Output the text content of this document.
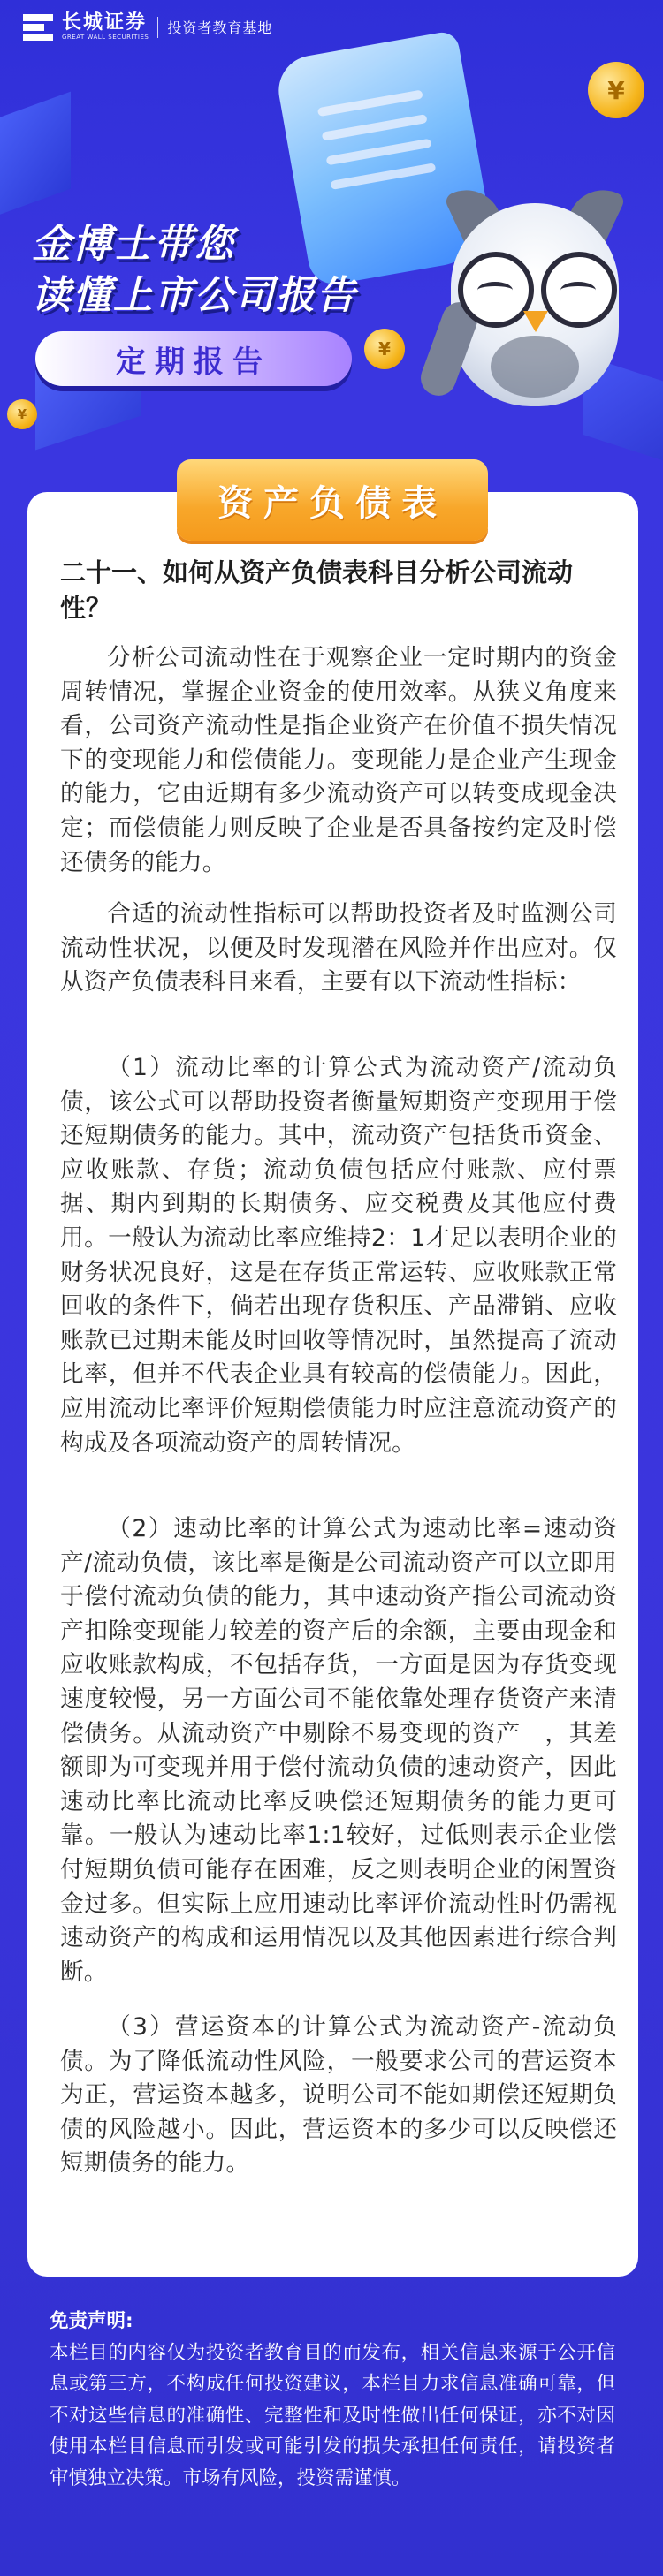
长城证券
GREAT WALL SECURITIES
投资者教育基地
¥
¥
¥
金博士带您
读懂上市公司报告
定期报告
资产负债表
二十一、如何从资产负债表科目分析公司流动性？

分析公司流动性在于观察企业一定时期内的资金周转情况，掌握企业资金的使用效率。从狭义角度来看，公司资产流动性是指企业资产在价值不损失情况下的变现能力和偿债能力。变现能力是企业产生现金的能力，它由近期有多少流动资产可以转变成现金决定；而偿债能力则反映了企业是否具备按约定及时偿还债务的能力。

合适的流动性指标可以帮助投资者及时监测公司流动性状况，以便及时发现潜在风险并作出应对。仅从资产负债表科目来看，主要有以下流动性指标：

（1）流动比率的计算公式为流动资产/流动负债，该公式可以帮助投资者衡量短期资产变现用于偿还短期债务的能力。其中，流动资产包括货币资金、应收账款、存货；流动负债包括应付账款、应付票据、期内到期的长期债务、应交税费及其他应付费用。一般认为流动比率应维持2：1才足以表明企业的财务状况良好，这是在存货正常运转、应收账款正常回收的条件下，倘若出现存货积压、产品滞销、应收账款已过期未能及时回收等情况时，虽然提高了流动比率，但并不代表企业具有较高的偿债能力。因此，应用流动比率评价短期偿债能力时应注意流动资产的构成及各项流动资产的周转情况。

（2）速动比率的计算公式为速动比率=速动资产/流动负债，该比率是衡是公司流动资产可以立即用于偿付流动负债的能力，其中速动资产指公司流动资产扣除变现能力较差的资产后的余额，主要由现金和应收账款构成，不包括存货，一方面是因为存货变现速度较慢，另一方面公司不能依靠处理存货资产来清偿债务。从流动资产中剔除不易变现的资产　，其差额即为可变现并用于偿付流动负债的速动资产，因此速动比率比流动比率反映偿还短期债务的能力更可靠。一般认为速动比率1:1较好，过低则表示企业偿付短期负债可能存在困难，反之则表明企业的闲置资金过多。但实际上应用速动比率评价流动性时仍需视速动资产的构成和运用情况以及其他因素进行综合判断。

（3）营运资本的计算公式为流动资产-流动负债。为了降低流动性风险，一般要求公司的营运资本为正，营运资本越多，说明公司不能如期偿还短期负债的风险越小。因此，营运资本的多少可以反映偿还短期债务的能力。

免责声明:
本栏目的内容仅为投资者教育目的而发布，相关信息来源于公开信息或第三方，不构成任何投资建议，本栏目力求信息准确可靠，但不对这些信息的准确性、完整性和及时性做出任何保证，亦不对因使用本栏目信息而引发或可能引发的损失承担任何责任，请投资者审慎独立决策。市场有风险，投资需谨慎。
